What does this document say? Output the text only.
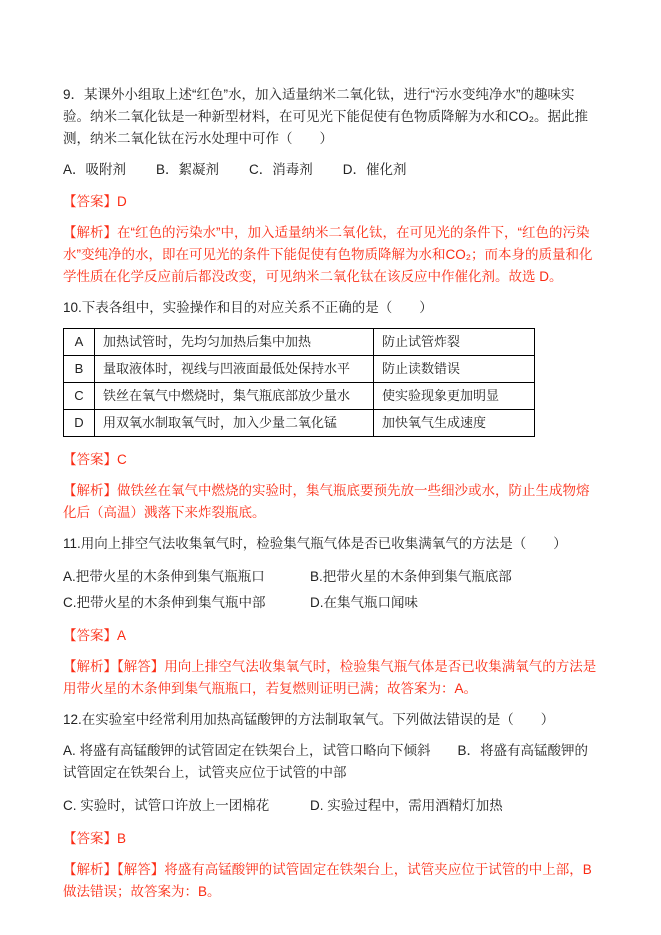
9．某课外小组取上述“红色”水，加入适量纳米二氧化钛，进行“污水变纯净水”的趣味实验。纳米二氧化钛是一种新型材料，在可见光下能促使有色物质降解为水和CO₂。据此推测，纳米二氧化钛在污水处理中可作（　　）

A．吸附剂 B．絮凝剂 C．消毒剂 D．催化剂

【答案】D

【解析】在“红色的污染水”中，加入适量纳米二氧化钛，在可见光的条件下，“红色的污染水”变纯净的水，即在可见光的条件下能促使有色物质降解为水和CO₂；而本身的质量和化学性质在化学反应前后都没改变，可见纳米二氧化钛在该反应中作催化剂。故选 D。

10.下表各组中，实验操作和目的对应关系不正确的是（　　）

A	加热试管时，先均匀加热后集中加热	防止试管炸裂
B	量取液体时，视线与凹液面最低处保持水平	防止读数错误
C	铁丝在氧气中燃烧时，集气瓶底部放少量水	使实验现象更加明显
D	用双氧水制取氧气时，加入少量二氧化锰	加快氧气生成速度

【答案】C

【解析】做铁丝在氧气中燃烧的实验时，集气瓶底要预先放一些细沙或水，防止生成物熔化后（高温）溅落下来炸裂瓶底。

11.用向上排空气法收集氧气时，检验集气瓶气体是否已收集满氧气的方法是（　　）

A.把带火星的木条伸到集气瓶瓶口	B.把带火星的木条伸到集气瓶底部
C.把带火星的木条伸到集气瓶中部	D.在集气瓶口闻味

【答案】A

【解析】【解答】用向上排空气法收集氧气时，检验集气瓶气体是否已收集满氧气的方法是用带火星的木条伸到集气瓶瓶口，若复燃则证明已满；故答案为：A。

12.在实验室中经常利用加热高锰酸钾的方法制取氧气。下列做法错误的是（　　）

A. 将盛有高锰酸钾的试管固定在铁架台上，试管口略向下倾斜　　B．将盛有高锰酸钾的试管固定在铁架台上，试管夹应位于试管的中部

C. 实验时，试管口许放上一团棉花	D. 实验过程中，需用酒精灯加热

【答案】B

【解析】【解答】将盛有高锰酸钾的试管固定在铁架台上，试管夹应位于试管的中上部，B 做法错误；故答案为：B。
